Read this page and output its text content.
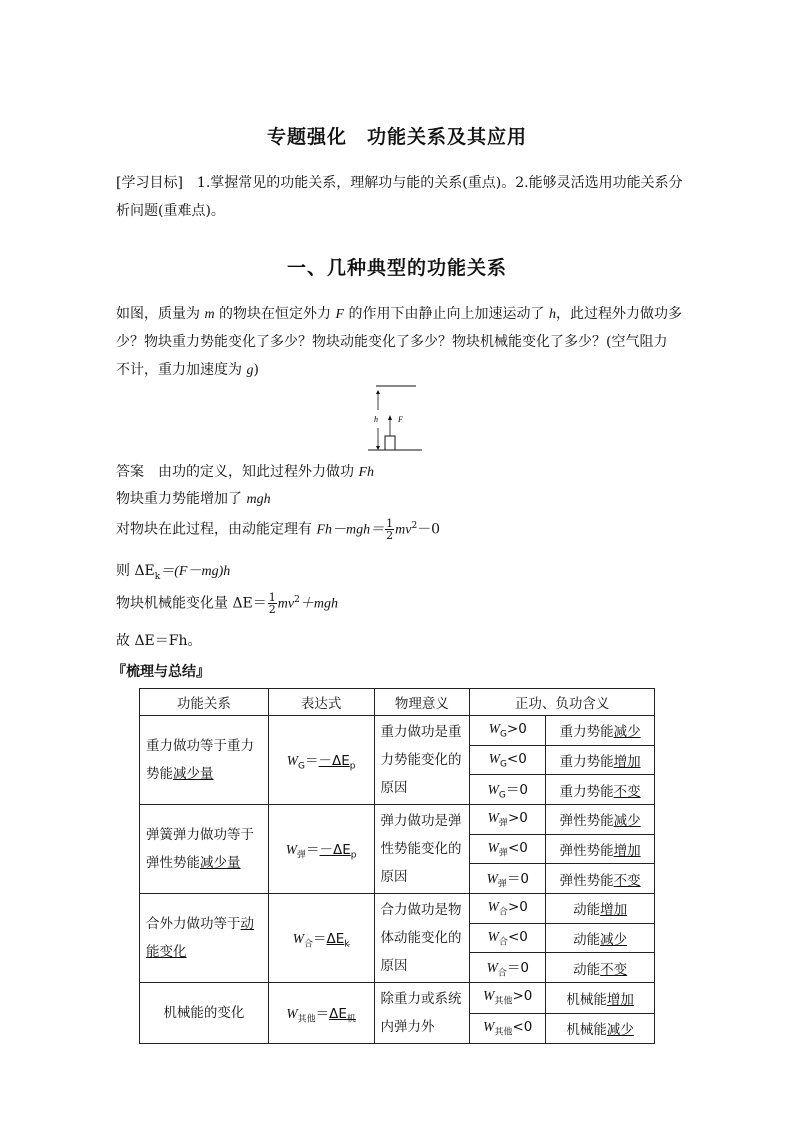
专题强化　功能关系及其应用
[学习目标]　1.掌握常见的功能关系，理解功与能的关系(重点)。2.能够灵活选用功能关系分
析问题(重难点)。
一、几种典型的功能关系
如图，质量为 m 的物块在恒定外力 F 的作用下由静止向上加速运动了 h，此过程外力做功多
少？物块重力势能变化了多少？物块动能变化了多少？物块机械能变化了多少？(空气阻力
不计，重力加速度为 g)
h	F
答案　由功的定义，知此过程外力做功 Fh
物块重力势能增加了 mgh
对物块在此过程，由动能定理有 $Fh-mgh= \frac{1}{2} mv^2-0$
则 $\Delta E_k=(F-mg)h$
物块机械能变化量 $\Delta E= \frac{1}{2} mv^2+mgh$
故 ΔE＝Fh。
『梳理与总结』
功能关系	表达式	物理意义	正功、负功含义	
重力做功等于重力
势能减少量	$W_G=-\Delta E_p$	重力做功是重力势能变化的原因	$W_G>0$	重力势能减少
			$W_G<0$	重力势能增加
			$W_G=0$	重力势能不变
弹簧弹力做功等于
弹性势能减少量	$W_弹=-\Delta E_p$	弹力做功是弹性势能变化的原因	$W_弹>0$	弹性势能减少
			$W_弹<0$	弹性势能增加
			$W_弹=0$	弹性势能不变
合外力做功等于动能变化	$W_合=\Delta E_k$	合力做功是物体动能变化的原因	$W_合>0$	动能增加
			$W_合<0$	动能减少
			$W_合=0$	动能不变
机械能的变化	$W_{其他}=\Delta E_机$	除重力或系统内弹力外	$W_{其他}>0$	机械能增加
			$W_{其他}<0$	机械能减少
